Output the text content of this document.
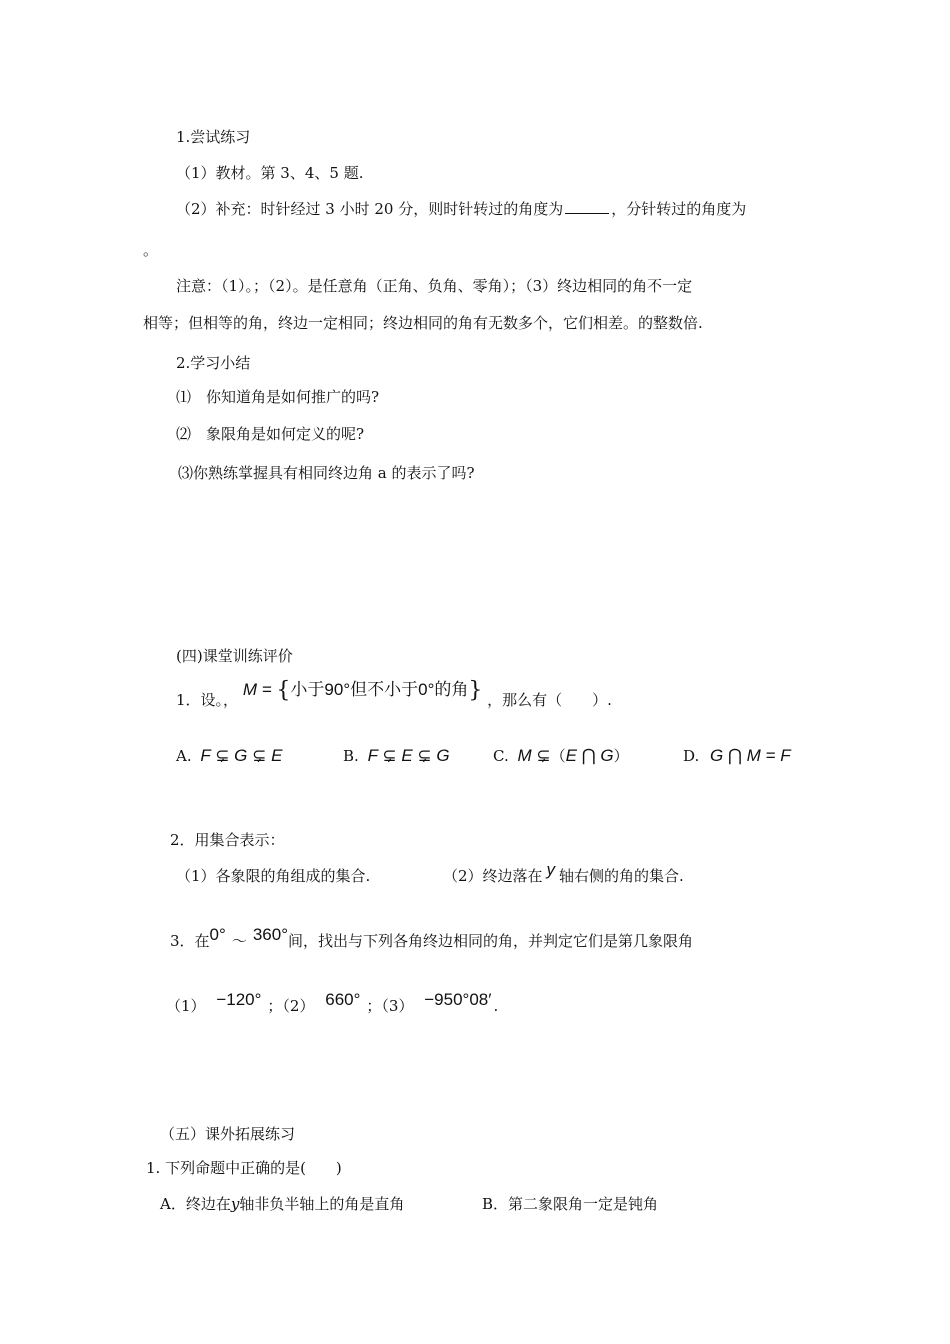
1.尝试练习
（1）教材。第 3、4、5 题.
（2）补充：时针经过 3 小时 20 分，则时针转过的角度为	，分针转过的角度为
。
注意：（1）。；（2）。是任意角（正角、负角、零角）；（3）终边相同的角不一定
相等；但相等的角，终边一定相同；终边相同的角有无数多个，它们相差。的整数倍.
2.学习小结
⑴　你知道角是如何推广的吗?
⑵　象限角是如何定义的呢?
⑶你熟练掌握具有相同终边角 a 的表示了吗?
(四)课堂训练评价
1．设。， M = {小于90°但不小于0°的角} ，那么有（　　）.
A. F ⊊ G ⊊ E	B. F ⊊ E ⊊ G	C. M ⊊（E ⋂ G）	D. G ⋂ M = F
2．用集合表示：
（1）各象限的角组成的集合.	（2）终边落在 y 轴右侧的角的集合.
3．在0° ～ 360°间，找出与下列各角终边相同的角，并判定它们是第几象限角
（1） −120° ；（2） 660° ；（3） −950°08′ .
（五）课外拓展练习
1. 下列命题中正确的是(　　)
A．终边在y轴非负半轴上的角是直角	B．第二象限角一定是钝角
